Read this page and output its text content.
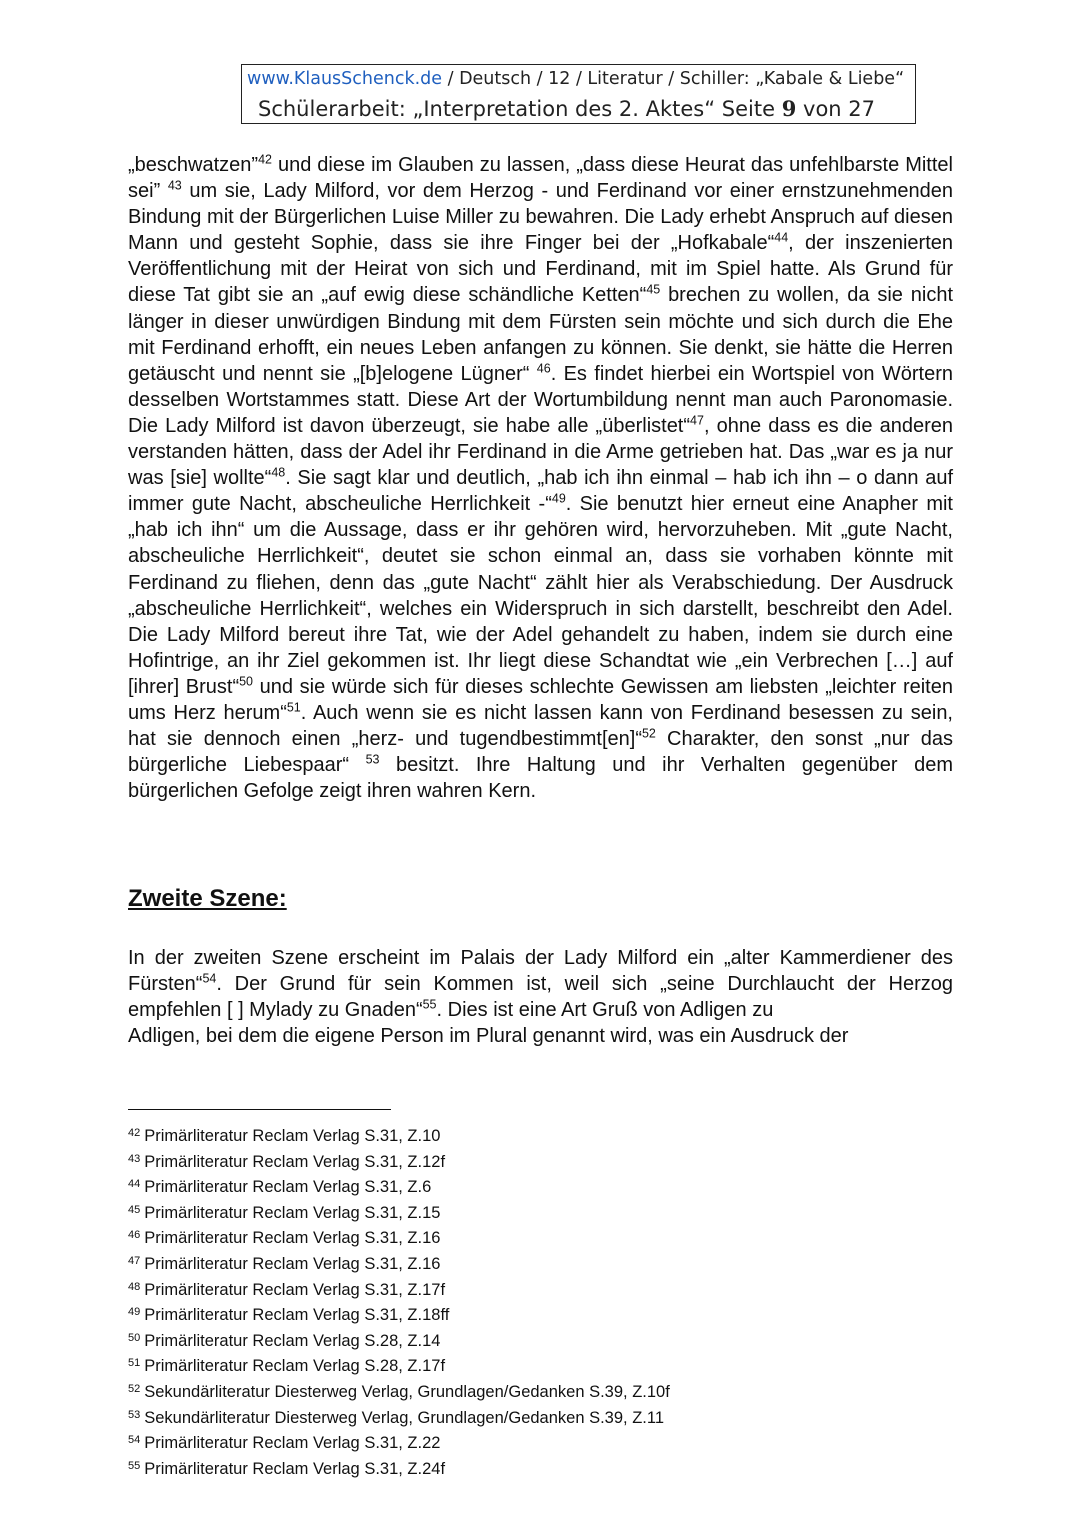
www.KlausSchenck.de / Deutsch / 12 / Literatur / Schiller: „Kabale & Liebe“
Schülerarbeit: „Interpretation des 2. Aktes“ Seite 9 von 27

„beschwatzen”$^{42}$ und diese im Glauben zu lassen, „dass diese Heurat das unfehlbarste Mittel sei” $^{43}$ um sie, Lady Milford, vor dem Herzog - und Ferdinand vor einer ernstzunehmenden Bindung mit der Bürgerlichen Luise Miller zu bewahren. Die Lady erhebt Anspruch auf diesen Mann und gesteht Sophie, dass sie ihre Finger bei der „Hofkabale“$^{44}$, der inszenierten Veröffentlichung mit der Heirat von sich und Ferdinand, mit im Spiel hatte. Als Grund für diese Tat gibt sie an „auf ewig diese schändliche Ketten“$^{45}$ brechen zu wollen, da sie nicht länger in dieser unwürdigen Bindung mit dem Fürsten sein möchte und sich durch die Ehe mit Ferdinand erhofft, ein neues Leben anfangen zu können. Sie denkt, sie hätte die Herren getäuscht und nennt sie „[b]elogene Lügner“ $^{46}$. Es findet hierbei ein Wortspiel von Wörtern desselben Wortstammes statt. Diese Art der Wortumbildung nennt man auch Paronomasie. Die Lady Milford ist davon überzeugt, sie habe alle „überlistet“$^{47}$, ohne dass es die anderen verstanden hätten, dass der Adel ihr Ferdinand in die Arme getrieben hat. Das „war es ja nur was [sie] wollte“$^{48}$. Sie sagt klar und deutlich, „hab ich ihn einmal – hab ich ihn – o dann auf immer gute Nacht, abscheuliche Herrlichkeit -“$^{49}$. Sie benutzt hier erneut eine Anapher mit „hab ich ihn“ um die Aussage, dass er ihr gehören wird, hervorzuheben. Mit „gute Nacht, abscheuliche Herrlichkeit“, deutet sie schon einmal an, dass sie vorhaben könnte mit Ferdinand zu fliehen, denn das „gute Nacht“ zählt hier als Verabschiedung. Der Ausdruck „abscheuliche Herrlichkeit“, welches ein Widerspruch in sich darstellt, beschreibt den Adel. Die Lady Milford bereut ihre Tat, wie der Adel gehandelt zu haben, indem sie durch eine Hofintrige, an ihr Ziel gekommen ist. Ihr liegt diese Schandtat wie „ein Verbrechen […] auf [ihrer] Brust“$^{50}$ und sie würde sich für dieses schlechte Gewissen am liebsten „leichter reiten ums Herz herum“$^{51}$. Auch wenn sie es nicht lassen kann von Ferdinand besessen zu sein, hat sie dennoch einen „herz- und tugendbestimmt[en]“$^{52}$ Charakter, den sonst „nur das bürgerliche Liebespaar“ $^{53}$ besitzt. Ihre Haltung und ihr Verhalten gegenüber dem bürgerlichen Gefolge zeigt ihren wahren Kern.

Zweite Szene:

In der zweiten Szene erscheint im Palais der Lady Milford ein „alter Kammerdiener des Fürsten“$^{54}$. Der Grund für sein Kommen ist, weil sich „seine Durchlaucht der Herzog empfehlen [ ] Mylady zu Gnaden“$^{55}$. Dies ist eine Art Gruß von Adligen zu
Adligen, bei dem die eigene Person im Plural genannt wird, was ein Ausdruck der

$^{42}$ Primärliteratur Reclam Verlag S.31, Z.10
$^{43}$ Primärliteratur Reclam Verlag S.31, Z.12f
$^{44}$ Primärliteratur Reclam Verlag S.31, Z.6
$^{45}$ Primärliteratur Reclam Verlag S.31, Z.15
$^{46}$ Primärliteratur Reclam Verlag S.31, Z.16
$^{47}$ Primärliteratur Reclam Verlag S.31, Z.16
$^{48}$ Primärliteratur Reclam Verlag S.31, Z.17f
$^{49}$ Primärliteratur Reclam Verlag S.31, Z.18ff
$^{50}$ Primärliteratur Reclam Verlag S.28, Z.14
$^{51}$ Primärliteratur Reclam Verlag S.28, Z.17f
$^{52}$ Sekundärliteratur Diesterweg Verlag, Grundlagen/Gedanken S.39, Z.10f
$^{53}$ Sekundärliteratur Diesterweg Verlag, Grundlagen/Gedanken S.39, Z.11
$^{54}$ Primärliteratur Reclam Verlag S.31, Z.22
$^{55}$ Primärliteratur Reclam Verlag S.31, Z.24f
